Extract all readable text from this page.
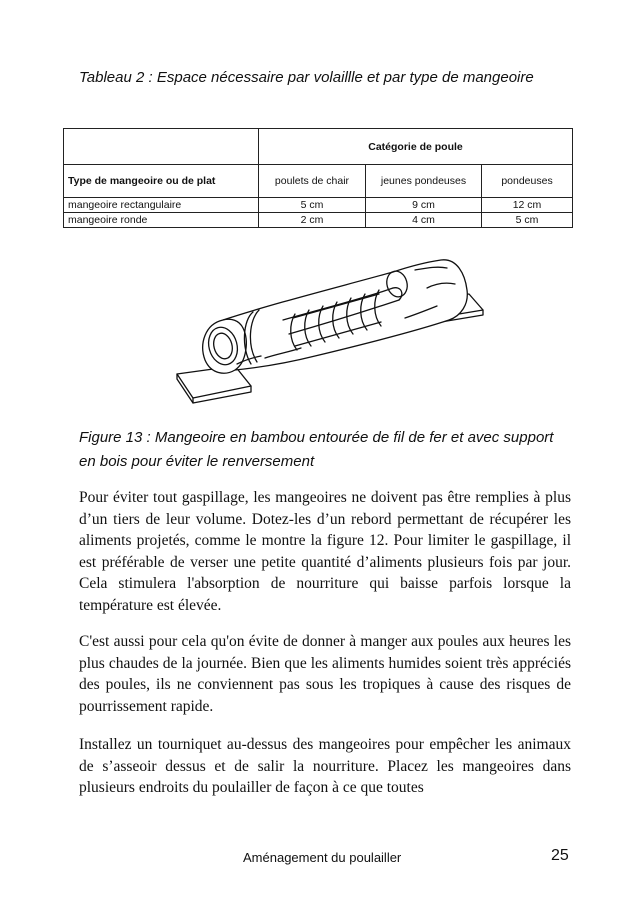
Tableau 2 : Espace nécessaire par volaillle et par type de mangeoire
	Catégorie de poule		
Type de mangeoire ou de plat	poulets de chair	jeunes pondeuses	pondeuses
mangeoire rectangulaire	5 cm	9 cm	12 cm
mangeoire ronde	2 cm	4 cm	5 cm
Figure 13 : Mangeoire en bambou entourée de fil de fer et avec support en bois pour éviter le renversement

Pour éviter tout gaspillage, les mangeoires ne doivent pas être remplies à plus d’un tiers de leur volume. Dotez-les d’un rebord permettant de récupérer les aliments projetés, comme le montre la figure 12. Pour limiter le gaspillage, il est préférable de verser une petite quantité d’aliments plusieurs fois par jour. Cela stimulera l'absorption de nourriture qui baisse parfois lorsque la température est élevée.

C'est aussi pour cela qu'on évite de donner à manger aux poules aux heures les plus chaudes de la journée. Bien que les aliments humides soient très appréciés des poules, ils ne conviennent pas sous les tropiques à cause des risques de pourrissement rapide.

Installez un tourniquet au-dessus des mangeoires pour empêcher les animaux de s’asseoir dessus et de salir la nourriture. Placez les mangeoires dans plusieurs endroits du poulailler de façon à ce que toutes

Aménagement du poulailler	25
